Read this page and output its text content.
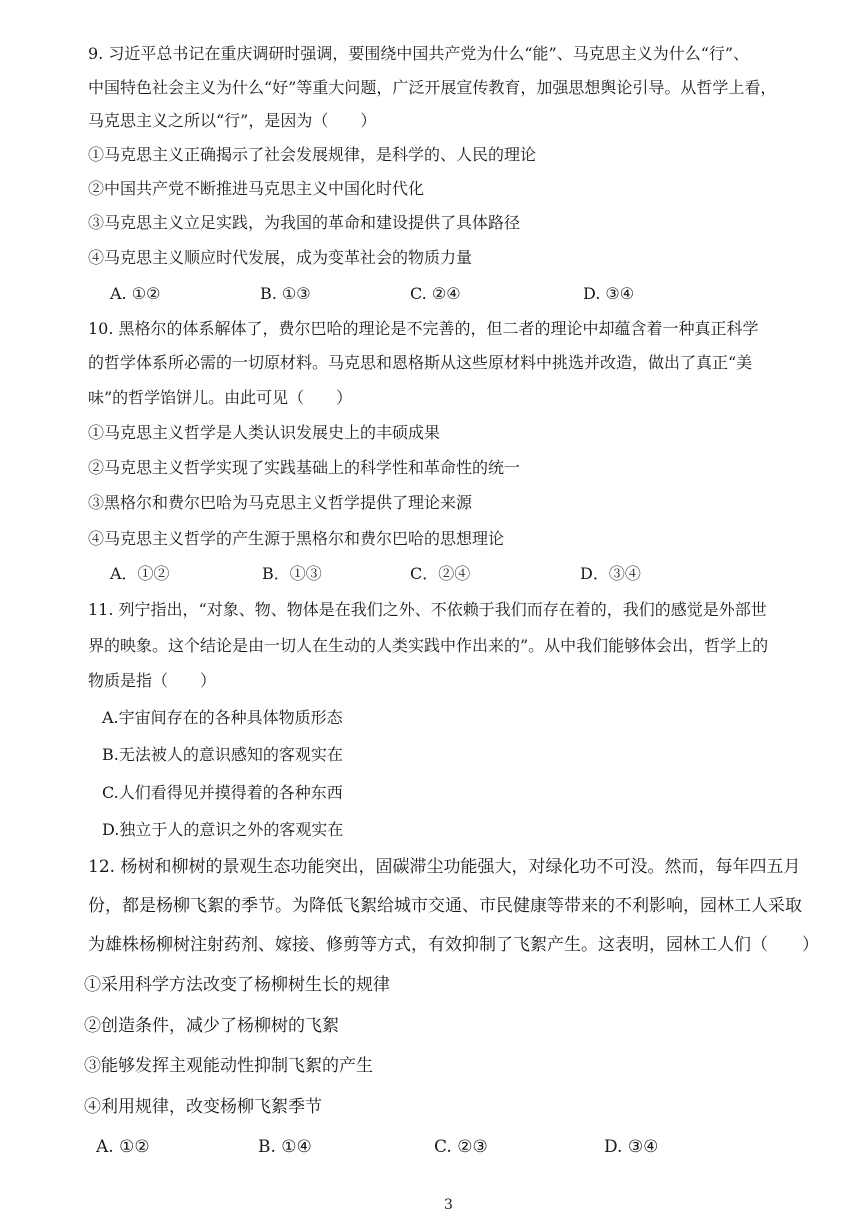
9. 习近平总书记在重庆调研时强调，要围绕中国共产党为什么“能”、马克思主义为什么“行”、
中国特色社会主义为什么“好”等重大问题，广泛开展宣传教育，加强思想舆论引导。从哲学上看，
马克思主义之所以“行”，是因为（　　）
①马克思主义正确揭示了社会发展规律，是科学的、人民的理论
②中国共产党不断推进马克思主义中国化时代化
③马克思主义立足实践，为我国的革命和建设提供了具体路径
④马克思主义顺应时代发展，成为变革社会的物质力量
A. ①②	B. ①③	C. ②④	D. ③④
10. 黑格尔的体系解体了，费尔巴哈的理论是不完善的，但二者的理论中却蕴含着一种真正科学
的哲学体系所必需的一切原材料。马克思和恩格斯从这些原材料中挑选并改造，做出了真正“美
味”的哲学馅饼儿。由此可见（　　）
①马克思主义哲学是人类认识发展史上的丰硕成果
②马克思主义哲学实现了实践基础上的科学性和革命性的统一
③黑格尔和费尔巴哈为马克思主义哲学提供了理论来源
④马克思主义哲学的产生源于黑格尔和费尔巴哈的思想理论
A．①②	B．①③	C．②④	D．③④
11. 列宁指出，“对象、物、物体是在我们之外、不依赖于我们而存在着的，我们的感觉是外部世
界的映象。这个结论是由一切人在生动的人类实践中作出来的”。从中我们能够体会出，哲学上的
物质是指（　　）
A.宇宙间存在的各种具体物质形态
B.无法被人的意识感知的客观实在
C.人们看得见并摸得着的各种东西
D.独立于人的意识之外的客观实在
12. 杨树和柳树的景观生态功能突出，固碳滞尘功能强大，对绿化功不可没。然而，每年四五月
份，都是杨柳飞絮的季节。为降低飞絮给城市交通、市民健康等带来的不利影响，园林工人采取
为雄株杨柳树注射药剂、嫁接、修剪等方式，有效抑制了飞絮产生。这表明，园林工人们（　　）
①采用科学方法改变了杨柳树生长的规律
②创造条件，减少了杨柳树的飞絮
③能够发挥主观能动性抑制飞絮的产生
④利用规律，改变杨柳飞絮季节
A. ①②	B. ①④	C. ②③	D. ③④
3
